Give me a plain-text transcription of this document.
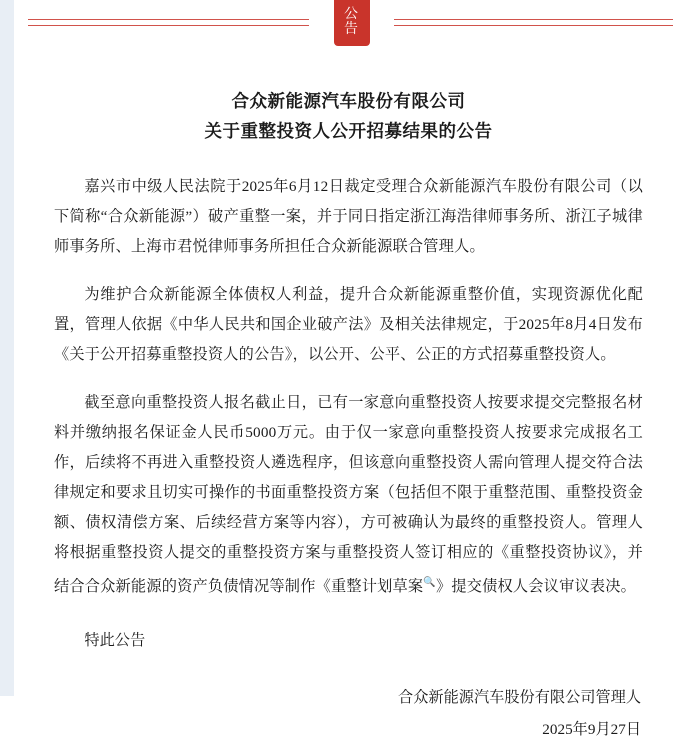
公
告
合众新能源汽车股份有限公司
关于重整投资人公开招募结果的公告

嘉兴市中级人民法院于2025年6月12日裁定受理合众新能源汽车股份有限公司（以下简称“合众新能源”）破产重整一案，并于同日指定浙江海浩律师事务所、浙江子城律师事务所、上海市君悦律师事务所担任合众新能源联合管理人。

为维护合众新能源全体债权人利益，提升合众新能源重整价值，实现资源优化配置，管理人依据《中华人民共和国企业破产法》及相关法律规定，于2025年8月4日发布《关于公开招募重整投资人的公告》，以公开、公平、公正的方式招募重整投资人。

截至意向重整投资人报名截止日，已有一家意向重整投资人按要求提交完整报名材料并缴纳报名保证金人民币5000万元。由于仅一家意向重整投资人按要求完成报名工作，后续将不再进入重整投资人遴选程序，但该意向重整投资人需向管理人提交符合法律规定和要求且切实可操作的书面重整投资方案（包括但不限于重整范围、重整投资金额、债权清偿方案、后续经营方案等内容），方可被确认为最终的重整投资人。管理人将根据重整投资人提交的重整投资方案与重整投资人签订相应的《重整投资协议》，并结合合众新能源的资产负债情况等制作《重整计划草案🔍》提交债权人会议审议表决。

特此公告
合众新能源汽车股份有限公司管理人
2025年9月27日
